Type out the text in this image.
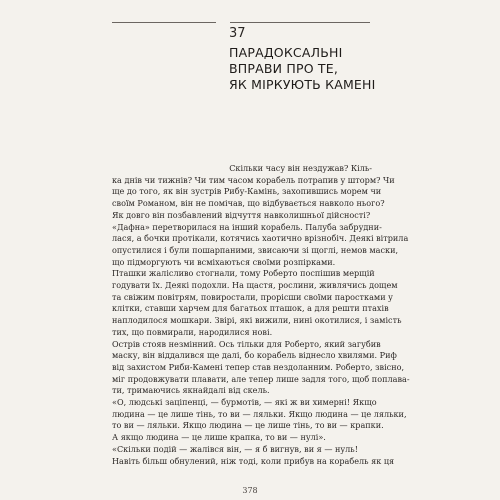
37
ПАРАДОКСАЛЬНІ
ВПРАВИ ПРО ТЕ,
ЯК МІРКУЮТЬ КАМЕНІ
Скільки часу він нездужав? Кіль-
ка днів чи тижнів? Чи тим часом корабель потрапив у шторм? Чи
ще до того, як він зустрів Рибу-Камінь, захопившись морем чи
своїм Романом, він не помічав, що відбувається навколо нього?
Як довго він позбавлений відчуття навколишньої дійсності?
«Дафна» перетворилася на інший корабель. Палуба забрудни-
лася, а бочки протікали, котячись хаотично врізнобіч. Деякі вітрила
опустилися і були пошарпаними, звисаючи зі щоглі, немов маски,
що підморгують чи всміхаються своїми розпірками.
Пташки жалісливо стогнали, тому Роберто поспішив мерщій
годувати їх. Деякі подохли. На щастя, рослини, живлячись дощем
та свіжим повітрям, повиростали, прорісши своїми паростками у
клітки, ставши харчем для багатьох пташок, а для решти птахів
наплодилося мошкари. Звірі, які вижили, нині окотилися, і замість
тих, що повмирали, народилися нові.
Острів стояв незмінний. Ось тільки для Роберто, який загубив
маску, він віддалився ще далі, бо корабель віднесло хвилями. Риф
від захистом Риби-Камені тепер став нездоланним. Роберто, звісно,
міг продовжувати плавати, але тепер лише задля того, щоб поплава-
ти, тримаючись якнайдалі від скель.
«О, людські заціпенці, — бурмотів, — які ж ви химерні! Якщо
людина — це лише тінь, то ви — ляльки. Якщо людина — це ляльки,
то ви — ляльки. Якщо людина — це лише тінь, то ви — крапки.
А якщо людина — це лише крапка, то ви — нулі».
«Скільки подій — жалівся він, — я б вигнув, ви я — нуль!
Навіть більш обнулений, ніж тоді, коли прибув на корабель як ця
378
